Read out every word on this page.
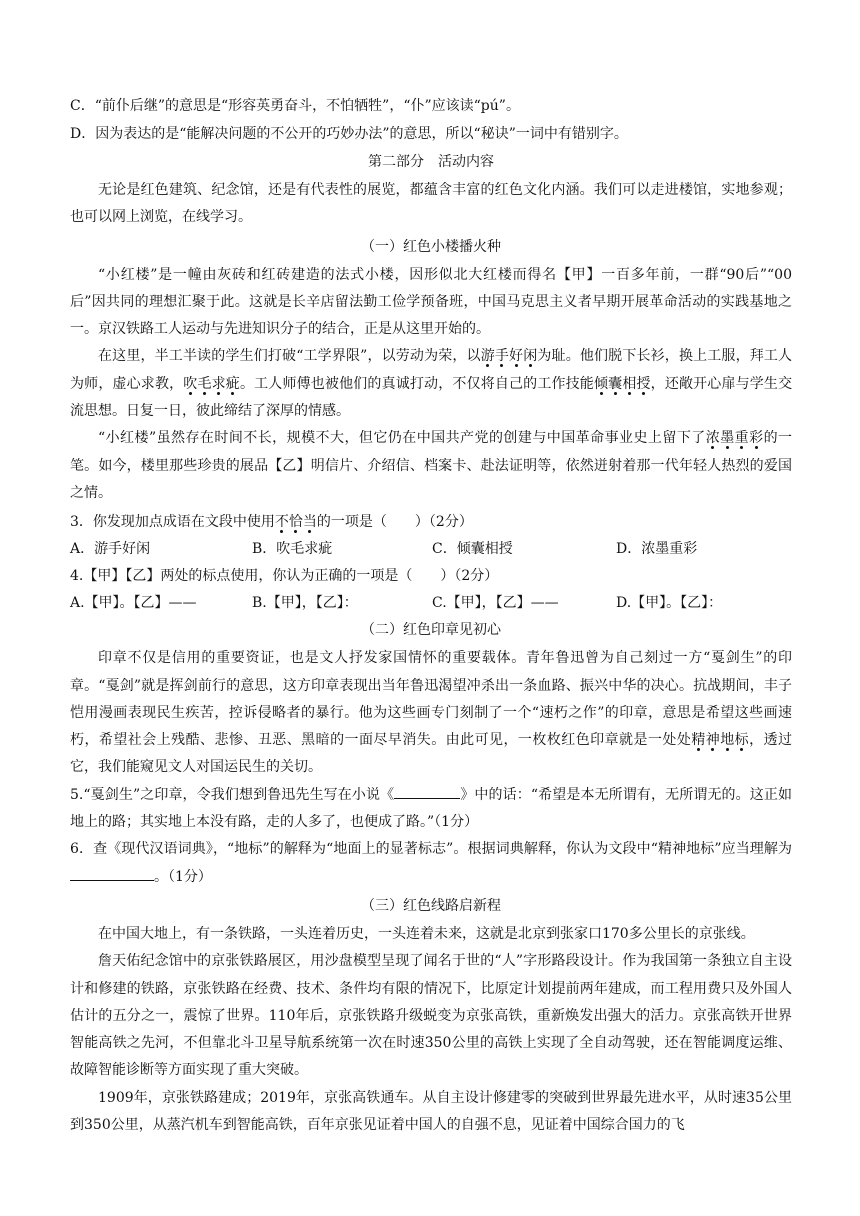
C．“前仆后继”的意思是“形容英勇奋斗，不怕牺牲”，“仆”应该读“pú”。

D．因为表达的是“能解决问题的不公开的巧妙办法”的意思，所以“秘诀”一词中有错别字。

第二部分　活动内容

无论是红色建筑、纪念馆，还是有代表性的展览，都蕴含丰富的红色文化内涵。我们可以走进楼馆，实地参观；也可以网上浏览，在线学习。

（一）红色小楼播火种

“小红楼”是一幢由灰砖和红砖建造的法式小楼，因形似北大红楼而得名【甲】一百多年前，一群“90后”“00后”因共同的理想汇聚于此。这就是长辛店留法勤工俭学预备班，中国马克思主义者早期开展革命活动的实践基地之一。京汉铁路工人运动与先进知识分子的结合，正是从这里开始的。

在这里，半工半读的学生们打破“工学界限”，以劳动为荣，以游手好闲为耻。他们脱下长衫，换上工服，拜工人为师，虚心求教，吹毛求疵。工人师傅也被他们的真诚打动，不仅将自己的工作技能倾囊相授，还敞开心扉与学生交流思想。日复一日，彼此缔结了深厚的情感。

“小红楼”虽然存在时间不长，规模不大，但它仍在中国共产党的创建与中国革命事业史上留下了浓墨重彩的一笔。如今，楼里那些珍贵的展品【乙】明信片、介绍信、档案卡、赴法证明等，依然迸射着那一代年轻人热烈的爱国之情。

3．你发现加点成语在文段中使用不恰当的一项是（　　）（2分）

A．游手好闲	B．吹毛求疵	C．倾囊相授	D．浓墨重彩

4.【甲】【乙】两处的标点使用，你认为正确的一项是（　　）（2分）

A.【甲】。【乙】——	B.【甲】，【乙】：	C.【甲】，【乙】——	D.【甲】。【乙】：

（二）红色印章见初心

印章不仅是信用的重要资证，也是文人抒发家国情怀的重要载体。青年鲁迅曾为自己刻过一方“戛剑生”的印章。“戛剑”就是挥剑前行的意思，这方印章表现出当年鲁迅渴望冲杀出一条血路、振兴中华的决心。抗战期间，丰子恺用漫画表现民生疾苦，控诉侵略者的暴行。他为这些画专门刻制了一个“速朽之作”的印章，意思是希望这些画速朽，希望社会上残酷、悲惨、丑恶、黑暗的一面尽早消失。由此可见，一枚枚红色印章就是一处处精神地标，透过它，我们能窥见文人对国运民生的关切。

5.“戛剑生”之印章，令我们想到鲁迅先生写在小说《	》中的话：“希望是本无所谓有，无所谓无的。这正如地上的路；其实地上本没有路，走的人多了，也便成了路。”（1分）

6．查《现代汉语词典》，“地标”的解释为“地面上的显著标志”。根据词典解释，你认为文段中“精神地标”应当理解为。（1分）

（三）红色线路启新程

在中国大地上，有一条铁路，一头连着历史，一头连着未来，这就是北京到张家口170多公里长的京张线。

詹天佑纪念馆中的京张铁路展区，用沙盘模型呈现了闻名于世的“人”字形路段设计。作为我国第一条独立自主设计和修建的铁路，京张铁路在经费、技术、条件均有限的情况下，比原定计划提前两年建成，而工程用费只及外国人估计的五分之一，震惊了世界。110年后，京张铁路升级蜕变为京张高铁，重新焕发出强大的活力。京张高铁开世界智能高铁之先河，不但靠北斗卫星导航系统第一次在时速350公里的高铁上实现了全自动驾驶，还在智能调度运维、故障智能诊断等方面实现了重大突破。

1909年，京张铁路建成；2019年，京张高铁通车。从自主设计修建零的突破到世界最先进水平，从时速35公里到350公里，从蒸汽机车到智能高铁，百年京张见证着中国人的自强不息，见证着中国综合国力的飞
